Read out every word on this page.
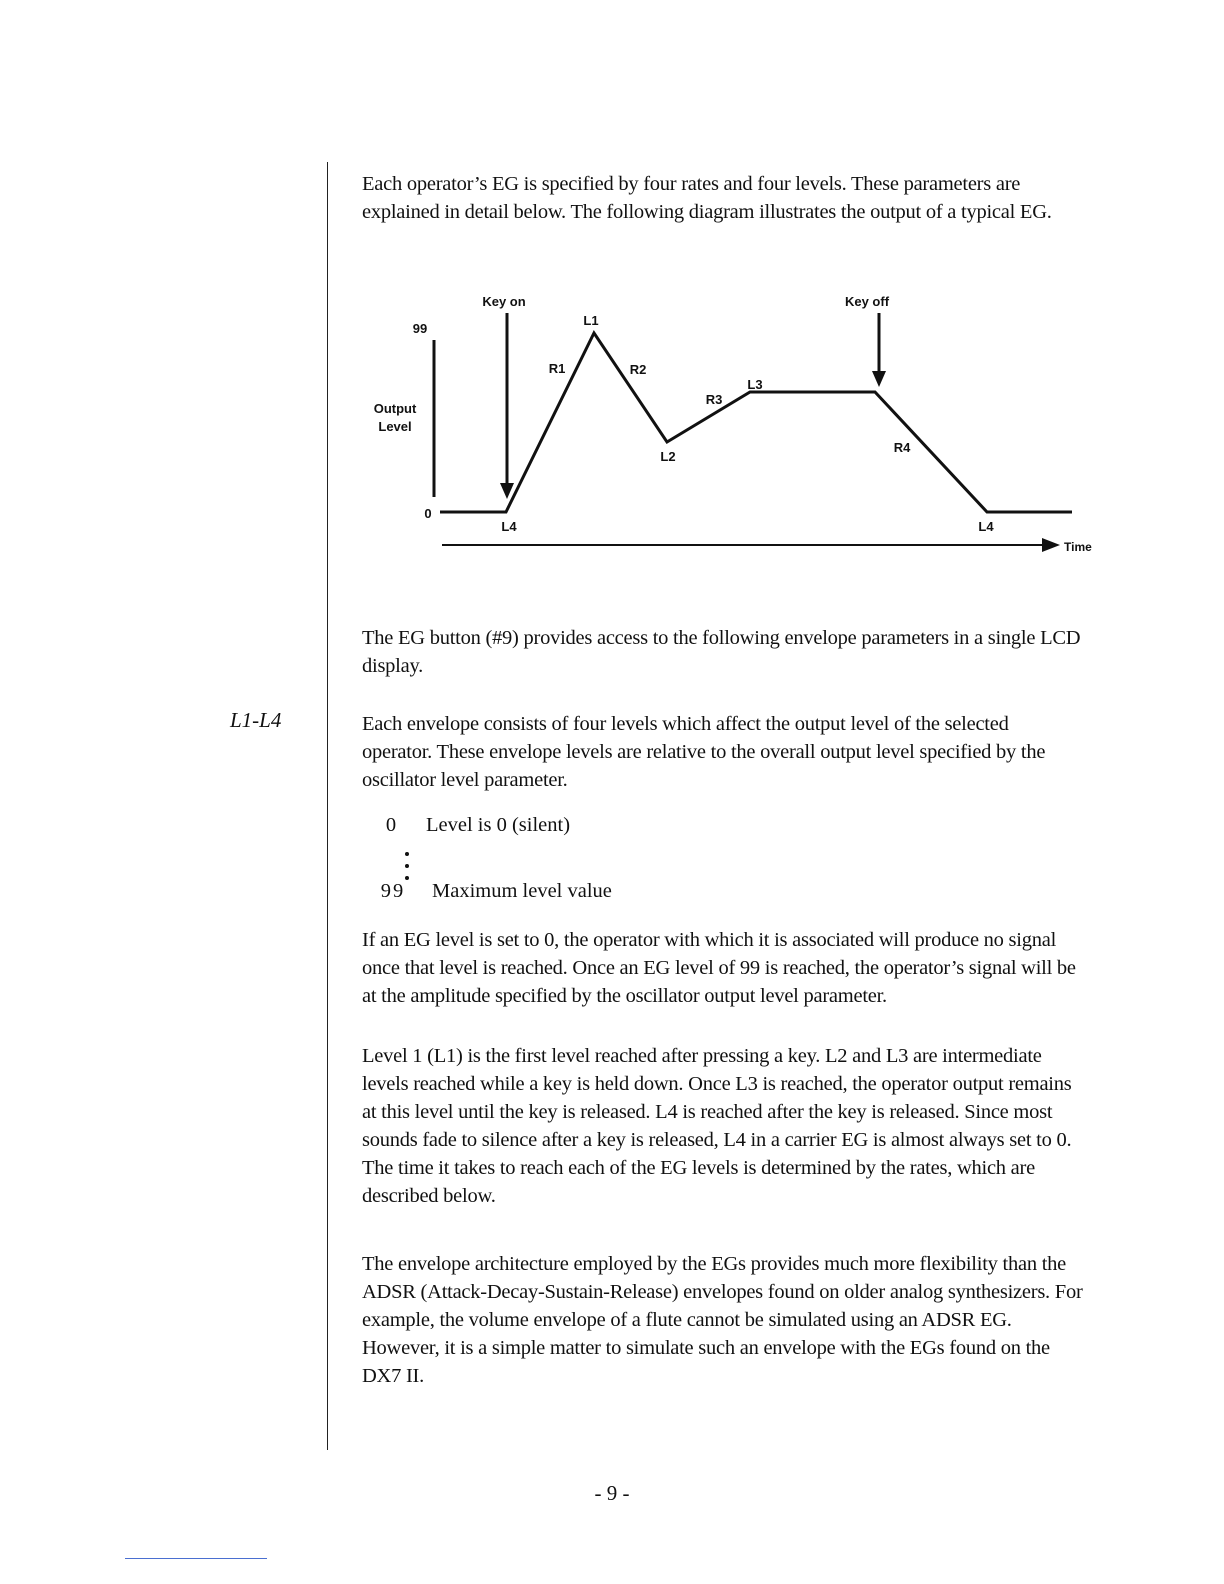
Each operator’s EG is specified by four rates and four levels. These parameters are
explained in detail below. The following diagram illustrates the output of a typical EG.
99
0
Output
Level
Key on	Key off
L1
R1	R2
R3
L3
L2
R4
L4	L4
Time
The EG button (#9) provides access to the following envelope parameters in a single LCD
display.
L1-L4	Each envelope consists of four levels which affect the output level of the selected
operator. These envelope levels are relative to the overall output level specified by the
oscillator level parameter.
0 Level is 0 (silent)
99 Maximum level value
If an EG level is set to 0, the operator with which it is associated will produce no signal
once that level is reached. Once an EG level of 99 is reached, the operator’s signal will be
at the amplitude specified by the oscillator output level parameter.
Level 1 (L1) is the first level reached after pressing a key. L2 and L3 are intermediate
levels reached while a key is held down. Once L3 is reached, the operator output remains
at this level until the key is released. L4 is reached after the key is released. Since most
sounds fade to silence after a key is released, L4 in a carrier EG is almost always set to 0.
The time it takes to reach each of the EG levels is determined by the rates, which are
described below.
The envelope architecture employed by the EGs provides much more flexibility than the
ADSR (Attack-Decay-Sustain-Release) envelopes found on older analog synthesizers. For
example, the volume envelope of a flute cannot be simulated using an ADSR EG.
However, it is a simple matter to simulate such an envelope with the EGs found on the
DX7 II.
- 9 -
